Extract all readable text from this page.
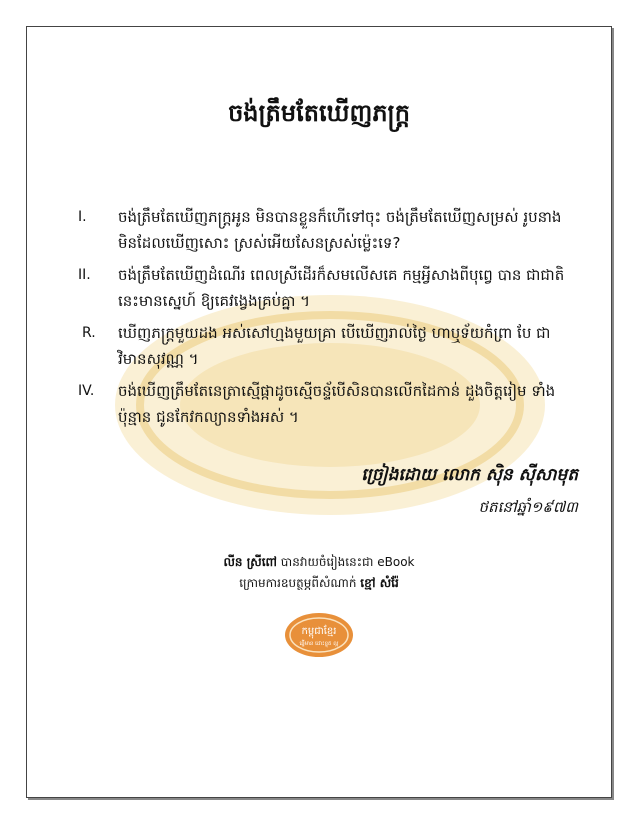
ចង់ត្រឹមតែឃើញភក្ត្រ
I. ចង់ត្រឹមតែឃើញភក្ត្រអូន មិនបានខ្លួនក៏ហើទៅចុះ ចង់ត្រឹមតែឃើញសម្រស់ រូបនាងមិនដែលឃើញសោះ ស្រស់អើយសែនស្រស់ម្ល៉េះទេ?
II. ចង់ត្រឹមតែឃើញដំណើរ ពេលស្រីដើរក៏សមលើសគេ កម្មអ្វីសាងពីបុព្វេ បាន ជាជាតិនេះមានស្នេហ៍ ឱ្យគេវង្វេងគ្រប់គ្នា ។
R. ឃើញភក្ត្រមួយដង អស់សៅហ្មងមួយគ្រា បើឃើញរាល់ថ្ងៃ ហាឬទ័យកំព្រា បែ ជាវិមានសុវណ្ណ ។
IV. ចង់ឃើញត្រឹមតែនេត្រាស្មើផ្កាដូចស្មើចន្ទ័បើសិនបានលើកដៃកាន់ ដួងចិត្តរៀម ទាំងប៉ុន្មាន ជូនកែវកល្យានទាំងអស់ ។
ច្រៀងដោយ លោក ស៊ិន ស៊ីសាមុត
ថតនៅឆ្នាំ១៩៧៣
លីន ស្រីពៅ បានវាយចំរៀងនេះជា eBook
ក្រោមការឧបត្ថម្ភពីសំណាក់ ខ្មៅ សំរ៉ែ
កម្ពុជាខ្មែរ
ឆ្នើមាន ដោះខ្នុត ល្អ
